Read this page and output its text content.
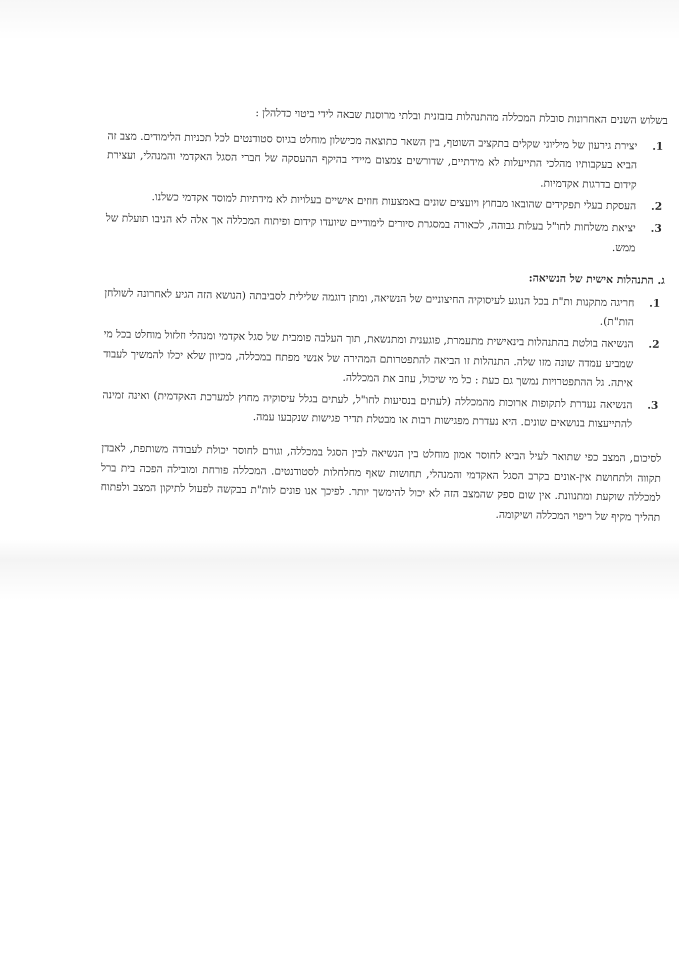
בשלוש השנים האחרונות סובלת המכללה מהתנהלות בזבזנית ובלתי מרוסנת שבאה לידי ביטוי כדלהלן :

1.
יצירת גירעון של מיליוני שקלים בתקציב השוטף, בין השאר כתוצאה מכישלון מוחלט בגיוס סטודנטים לכל תכניות הלימודים. מצב זה הביא בעקבותיו מהלכי התייעלות לא מידתיים, שדורשים צמצום מיידי בהיקף ההעסקה של חברי הסגל האקדמי והמנהלי, ועצירת קידום בדרגות אקדמיות.
2.
העסקת בעלי תפקידים שהובאו מבחוץ ויועצים שונים באמצעות חוזים אישיים בעלויות לא מידתיות למוסד אקדמי כשלנו.
3.
יציאת משלחות לחו"ל בעלות גבוהה, לכאורה במסגרת סיורים לימודיים שיועדו קידום ופיתוח המכללה אך אלה לא הניבו תועלת של ממש.
ג. התנהלות אישית של הנשיאה:
1.
חריגה מתקנות ות"ת בכל הנוגע לעיסוקיה החיצוניים של הנשיאה, ומתן דוגמה שלילית לסביבתה (הנושא הזה הגיע לאחרונה לשולחן הות"ת).
2.
הנשיאה בולטת בהתנהלות בינאישית מתעמרת, פוגענית ומתנשאת, תוך העלבה פומבית של סגל אקדמי ומנהלי וזלזול מוחלט בכל מי שמביע עמדה שונה מזו שלה. התנהלות זו הביאה להתפטרותם המהירה של אנשי מפתח במכללה, מכיוון שלא יכלו להמשיך לעבוד איתה. גל ההתפטרויות נמשך גם כעת : כל מי שיכול, עוזב את המכללה.
3.
הנשיאה נעדרת לתקופות ארוכות מהמכללה (לעתים בנסיעות לחו"ל, לעתים בגלל עיסוקיה מחוץ למערכת האקדמית) ואינה זמינה להתייעצות בנושאים שונים. היא נעדרת מפגישות רבות או מבטלת תדיר פגישות שנקבעו עמה.

לסיכום, המצב כפי שתואר לעיל הביא לחוסר אמון מוחלט בין הנשיאה לבין הסגל במכללה, וגורם לחוסר יכולת לעבודה משותפת, לאבדן תקווה ולתחושת אין-אונים בקרב הסגל האקדמי והמנהלי, תחושות שאף מחלחלות לסטודנטים. המכללה פורחת ומובילה הפכה בית ברל למכללה שוקעת ומתנוונת. אין שום ספק שהמצב הזה לא יכול להימשך יותר. לפיכך אנו פונים לות"ת בבקשה לפעול לתיקון המצב ולפתוח תהליך מקיף של ריפוי המכללה ושיקומה.
